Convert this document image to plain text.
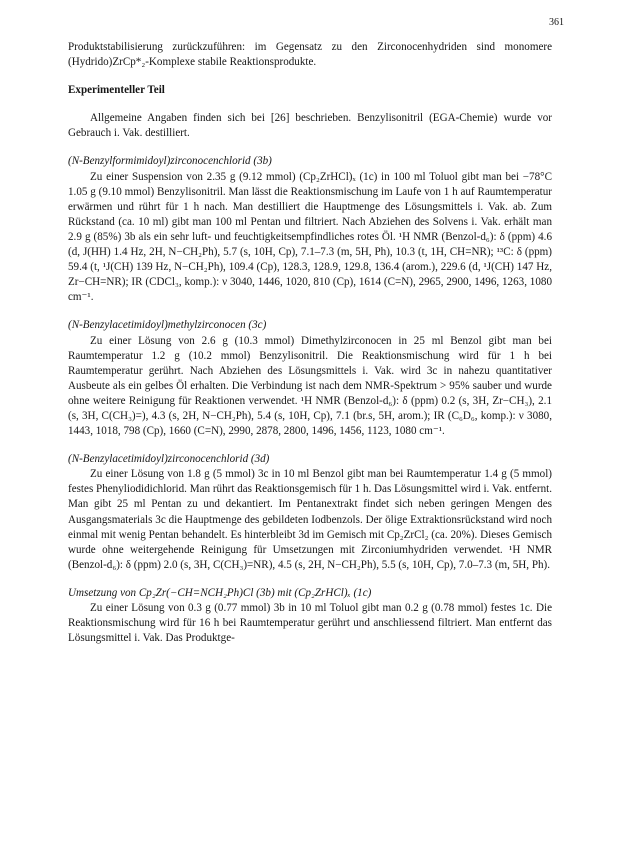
361

Produktstabilisierung zurückzuführen: im Gegensatz zu den Zirconocenhydriden sind monomere (Hydrido)ZrCp*₂-Komplexe stabile Reaktionsprodukte.

Experimenteller Teil

Allgemeine Angaben finden sich bei [26] beschrieben. Benzylisonitril (EGA-Chemie) wurde vor Gebrauch i. Vak. destilliert.

(N-Benzylformimidoyl)zirconocenchlorid (3b)

Zu einer Suspension von 2.35 g (9.12 mmol) (Cp₂ZrHCl)ₓ (1c) in 100 ml Toluol gibt man bei −78°C 1.05 g (9.10 mmol) Benzylisonitril. Man lässt die Reaktionsmischung im Laufe von 1 h auf Raumtemperatur erwärmen und rührt für 1 h nach. Man destilliert die Hauptmenge des Lösungsmittels i. Vak. ab. Zum Rückstand (ca. 10 ml) gibt man 100 ml Pentan und filtriert. Nach Abziehen des Solvens i. Vak. erhält man 2.9 g (85%) 3b als ein sehr luft- und feuchtigkeitsempfindliches rotes Öl. ¹H NMR (Benzol-d₆): δ (ppm) 4.6 (d, J(HH) 1.4 Hz, 2H, N−CH₂Ph), 5.7 (s, 10H, Cp), 7.1–7.3 (m, 5H, Ph), 10.3 (t, 1H, CH=NR); ¹³C: δ (ppm) 59.4 (t, ¹J(CH) 139 Hz, N−CH₂Ph), 109.4 (Cp), 128.3, 128.9, 129.8, 136.4 (arom.), 229.6 (d, ¹J(CH) 147 Hz, Zr−CH=NR); IR (CDCl₃, komp.): ν 3040, 1446, 1020, 810 (Cp), 1614 (C=N), 2965, 2900, 1496, 1263, 1080 cm⁻¹.

(N-Benzylacetimidoyl)methylzirconocen (3c)

Zu einer Lösung von 2.6 g (10.3 mmol) Dimethylzirconocen in 25 ml Benzol gibt man bei Raumtemperatur 1.2 g (10.2 mmol) Benzylisonitril. Die Reaktionsmischung wird für 1 h bei Raumtemperatur gerührt. Nach Abziehen des Lösungsmittels i. Vak. wird 3c in nahezu quantitativer Ausbeute als ein gelbes Öl erhalten. Die Verbindung ist nach dem NMR-Spektrum > 95% sauber und wurde ohne weitere Reinigung für Reaktionen verwendet. ¹H NMR (Benzol-d₆): δ (ppm) 0.2 (s, 3H, Zr−CH₃), 2.1 (s, 3H, C(CH₃)=), 4.3 (s, 2H, N−CH₂Ph), 5.4 (s, 10H, Cp), 7.1 (br.s, 5H, arom.); IR (C₆D₆, komp.): ν 3080, 1443, 1018, 798 (Cp), 1660 (C=N), 2990, 2878, 2800, 1496, 1456, 1123, 1080 cm⁻¹.

(N-Benzylacetimidoyl)zirconocenchlorid (3d)

Zu einer Lösung von 1.8 g (5 mmol) 3c in 10 ml Benzol gibt man bei Raumtemperatur 1.4 g (5 mmol) festes Phenyliodidichlorid. Man rührt das Reaktionsgemisch für 1 h. Das Lösungsmittel wird i. Vak. entfernt. Man gibt 25 ml Pentan zu und dekantiert. Im Pentanextrakt findet sich neben geringen Mengen des Ausgangsmaterials 3c die Hauptmenge des gebildeten Iodbenzols. Der ölige Extraktionsrückstand wird noch einmal mit wenig Pentan behandelt. Es hinterbleibt 3d im Gemisch mit Cp₂ZrCl₂ (ca. 20%). Dieses Gemisch wurde ohne weitergehende Reinigung für Umsetzungen mit Zirconiumhydriden verwendet. ¹H NMR (Benzol-d₆): δ (ppm) 2.0 (s, 3H, C(CH₃)=NR), 4.5 (s, 2H, N−CH₂Ph), 5.5 (s, 10H, Cp), 7.0–7.3 (m, 5H, Ph).

Umsetzung von Cp₂Zr(−CH=NCH₂Ph)Cl (3b) mit (Cp₂ZrHCl)ₓ (1c)

Zu einer Lösung von 0.3 g (0.77 mmol) 3b in 10 ml Toluol gibt man 0.2 g (0.78 mmol) festes 1c. Die Reaktionsmischung wird für 16 h bei Raumtemperatur gerührt und anschliessend filtriert. Man entfernt das Lösungsmittel i. Vak. Das Produktge-
